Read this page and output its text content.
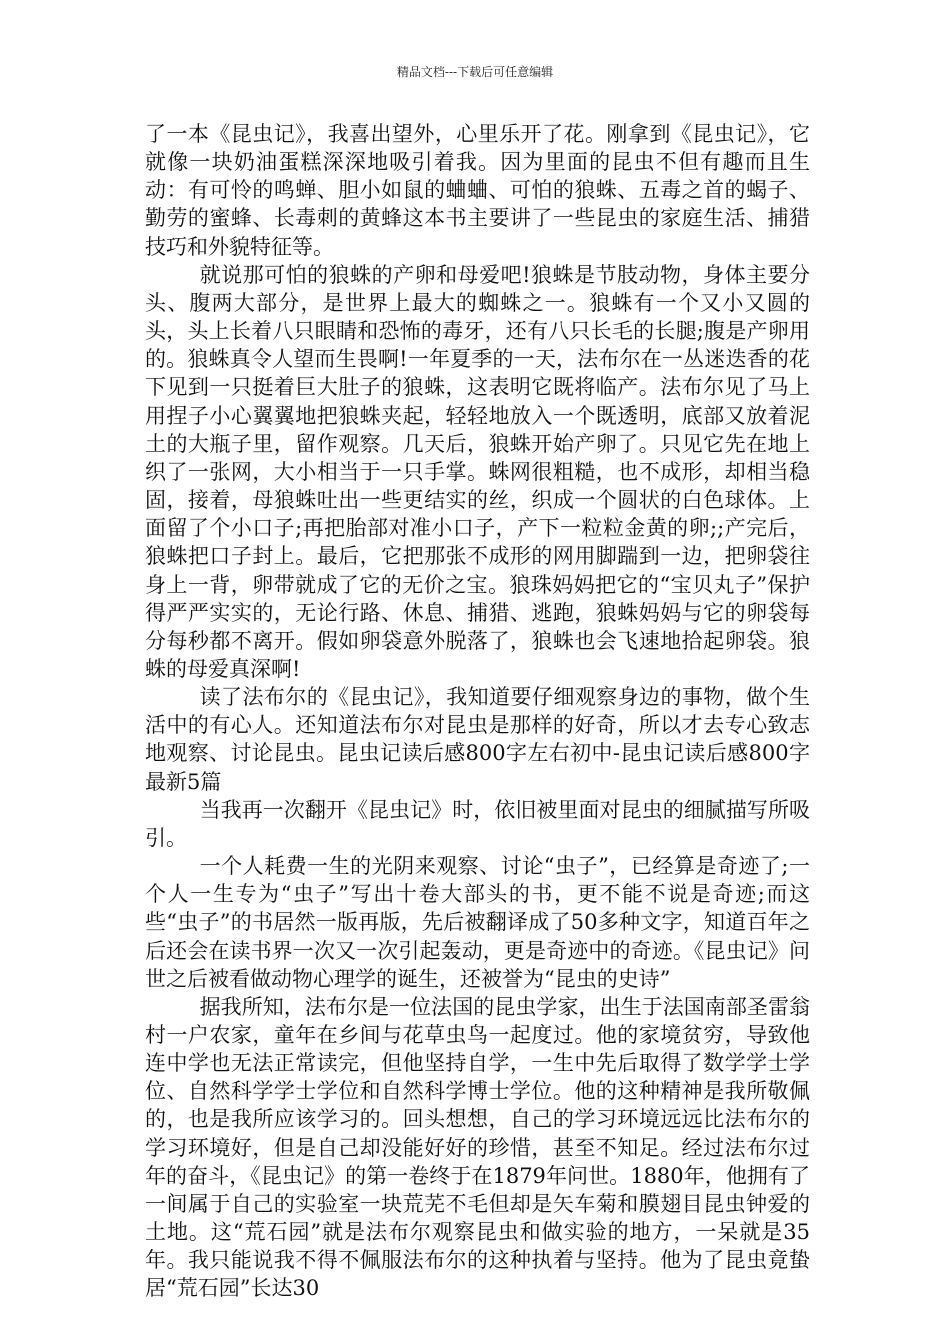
精品文档---下载后可任意编辑

了一本《昆虫记》，我喜出望外，心里乐开了花。刚拿到《昆虫记》，它就像一块奶油蛋糕深深地吸引着我。因为里面的昆虫不但有趣而且生动：有可怜的鸣蝉、胆小如鼠的蛐蛐、可怕的狼蛛、五毒之首的蝎子、勤劳的蜜蜂、长毒刺的黄蜂这本书主要讲了一些昆虫的家庭生活、捕猎技巧和外貌特征等。

就说那可怕的狼蛛的产卵和母爱吧!狼蛛是节肢动物，身体主要分头、腹两大部分，是世界上最大的蜘蛛之一。狼蛛有一个又小又圆的头，头上长着八只眼睛和恐怖的毒牙，还有八只长毛的长腿;腹是产卵用的。狼蛛真令人望而生畏啊!一年夏季的一天，法布尔在一丛迷迭香的花下见到一只挺着巨大肚子的狼蛛，这表明它既将临产。法布尔见了马上用捏子小心翼翼地把狼蛛夹起，轻轻地放入一个既透明，底部又放着泥土的大瓶子里，留作观察。几天后，狼蛛开始产卵了。只见它先在地上织了一张网，大小相当于一只手掌。蛛网很粗糙，也不成形，却相当稳固，接着，母狼蛛吐出一些更结实的丝，织成一个圆状的白色球体。上面留了个小口子;再把胎部对准小口子，产下一粒粒金黄的卵;;产完后，狼蛛把口子封上。最后，它把那张不成形的网用脚踹到一边，把卵袋往身上一背，卵带就成了它的无价之宝。狼珠妈妈把它的“宝贝丸子”保护得严严实实的，无论行路、休息、捕猎、逃跑，狼蛛妈妈与它的卵袋每分每秒都不离开。假如卵袋意外脱落了，狼蛛也会飞速地拾起卵袋。狼蛛的母爱真深啊!

读了法布尔的《昆虫记》，我知道要仔细观察身边的事物，做个生活中的有心人。还知道法布尔对昆虫是那样的好奇，所以才去专心致志地观察、讨论昆虫。昆虫记读后感800字左右初中-昆虫记读后感800字最新5篇

当我再一次翻开《昆虫记》时，依旧被里面对昆虫的细腻描写所吸引。

一个人耗费一生的光阴来观察、讨论“虫子”，已经算是奇迹了;一个人一生专为“虫子”写出十卷大部头的书，更不能不说是奇迹;而这些“虫子”的书居然一版再版，先后被翻译成了50多种文字，知道百年之后还会在读书界一次又一次引起轰动，更是奇迹中的奇迹。《昆虫记》问世之后被看做动物心理学的诞生，还被誉为“昆虫的史诗”

据我所知，法布尔是一位法国的昆虫学家，出生于法国南部圣雷翁村一户农家，童年在乡间与花草虫鸟一起度过。他的家境贫穷，导致他连中学也无法正常读完，但他坚持自学，一生中先后取得了数学学士学位、自然科学学士学位和自然科学博士学位。他的这种精神是我所敬佩的，也是我所应该学习的。回头想想，自己的学习环境远远比法布尔的学习环境好，但是自己却没能好好的珍惜，甚至不知足。经过法布尔过年的奋斗，《昆虫记》的第一卷终于在1879年问世。1880年，他拥有了一间属于自己的实验室一块荒芜不毛但却是矢车菊和膜翅目昆虫钟爱的土地。这“荒石园”就是法布尔观察昆虫和做实验的地方，一呆就是35年。我只能说我不得不佩服法布尔的这种执着与坚持。他为了昆虫竟蛰居“荒石园”长达30
